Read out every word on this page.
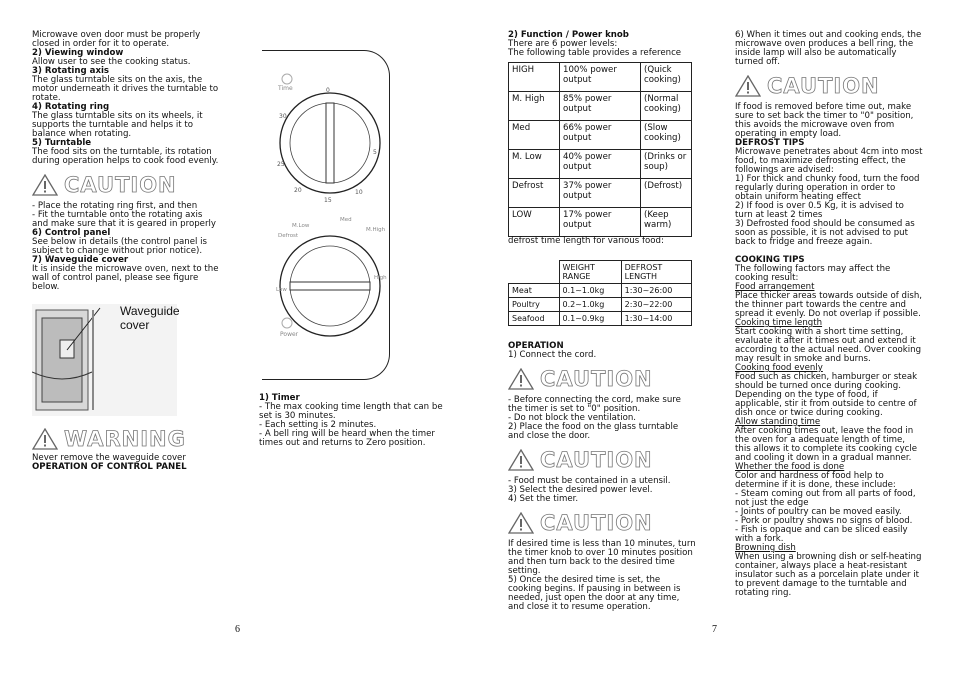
Microwave oven door must be properly closed in order for it to operate.

2) Viewing window

Allow user to see the cooking status.

3) Rotating axis

The glass turntable sits on the axis, the motor underneath it drives the turntable to rotate.

4) Rotating ring

The glass turntable sits on its wheels, it supports the turntable and helps it to balance when rotating.

5) Turntable

The food sits on the turntable, its rotation during operation helps to cook food evenly.

CAUTION

- Place the rotating ring first, and then
- Fit the turntable onto the rotating axis and make sure that it is geared in properly

6) Control panel

See below in details (the control panel is subject to change without prior notice).

7) Waveguide cover

It is inside the microwave oven, next to the wall of control panel, please see figure below.

Waveguide cover
WARNING

Never remove the waveguide cover

OPERATION OF CONTROL PANEL

6
Time	0
5
10
15
20
25
30
M.Low
Med
M.High
Defrost
High
Low
Power

1) Timer

- The max cooking time length that can be set is 30 minutes.
- Each setting is 2 minutes.
- A bell ring will be heard when the timer times out and returns to Zero position.

2) Function / Power knob

There are 6 power levels:
The following table provides a reference

HIGH	100% power output	(Quick cooking)
M. High	85% power output	(Normal cooking)
Med	66% power output	(Slow cooking)
M. Low	40% power output	(Drinks or soup)
Defrost	37% power output	(Defrost)
LOW	17% power output	(Keep warm)

defrost time length for various food:

	WEIGHT RANGE	DEFROST LENGTH
Meat	0.1~1.0kg	1:30~26:00
Poultry	0.2~1.0kg	2:30~22:00
Seafood	0.1~0.9kg	1:30~14:00

OPERATION

1) Connect the cord.

CAUTION

- Before connecting the cord, make sure the timer is set to "0" position.
- Do not block the ventilation.
2) Place the food on the glass turntable and close the door.

CAUTION

- Food must be contained in a utensil.
3) Select the desired power level.
4) Set the timer.

CAUTION

If desired time is less than 10 minutes, turn the timer knob to over 10 minutes position and then turn back to the desired time setting.
5) Once the desired time is set, the cooking begins. If pausing in between is needed, just open the door at any time, and close it to resume operation.

7

6) When it times out and cooking ends, the microwave oven produces a bell ring, the inside lamp will also be automatically turned off.

CAUTION

If food is removed before time out, make sure to set back the timer to "0" position, this avoids the microwave oven from operating in empty load.

DEFROST TIPS

Microwave penetrates about 4cm into most food, to maximize defrosting effect, the followings are advised:
1) For thick and chunky food, turn the food regularly during operation in order to obtain uniform heating effect
2) If food is over 0.5 Kg, it is advised to turn at least 2 times
3) Defrosted food should be consumed as soon as possible, it is not advised to put back to fridge and freeze again.

COOKING TIPS

The following factors may affect the cooking result:

Food arrangement

Place thicker areas towards outside of dish, the thinner part towards the centre and spread it evenly. Do not overlap if possible.

Cooking time length

Start cooking with a short time setting, evaluate it after it times out and extend it according to the actual need. Over cooking may result in smoke and burns.

Cooking food evenly

Food such as chicken, hamburger or steak should be turned once during cooking.
Depending on the type of food, if applicable, stir it from outside to centre of dish once or twice during cooking.

Allow standing time

After cooking times out, leave the food in the oven for a adequate length of time, this allows it to complete its cooking cycle and cooling it down in a gradual manner.

Whether the food is done

Color and hardness of food help to determine if it is done, these include:
- Steam coming out from all parts of food, not just the edge
- Joints of poultry can be moved easily.
- Pork or poultry shows no signs of blood.
- Fish is opaque and can be sliced easily with a fork.

Browning dish

When using a browning dish or self-heating container, always place a heat-resistant insulator such as a porcelain plate under it to prevent damage to the turntable and rotating ring.
